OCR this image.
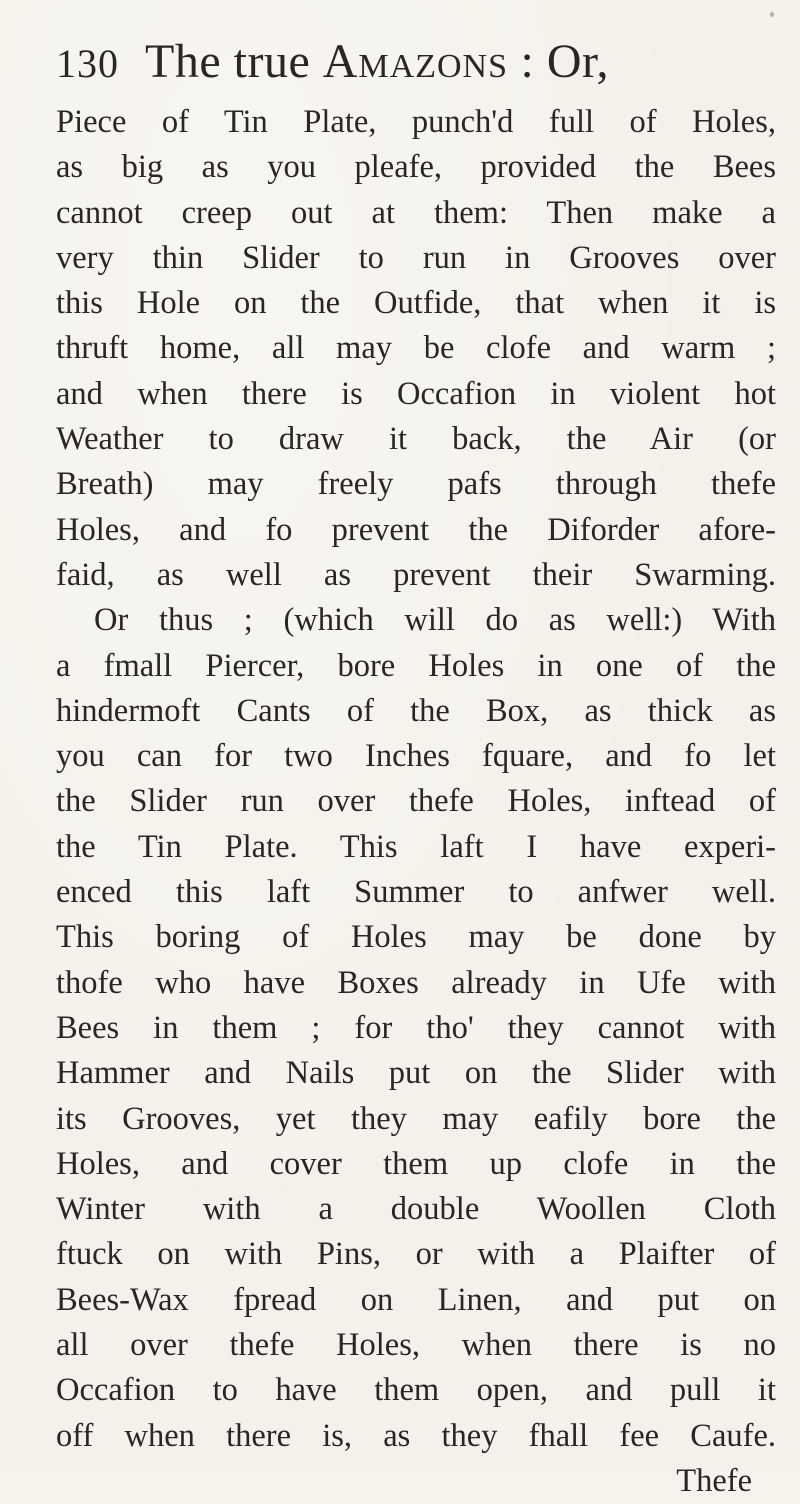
130 The true Amazons : Or,
Piece of Tin Plate, punch'd full of Holes,
as big as you pleafe, provided the Bees
cannot creep out at them: Then make a
very thin Slider to run in Grooves over
this Hole on the Outfide, that when it is
thruft home, all may be clofe and warm ;
and when there is Occafion in violent hot
Weather to draw it back, the Air (or
Breath) may freely pafs through thefe
Holes, and fo prevent the Diforder afore-
faid, as well as prevent their Swarming.
Or thus ; (which will do as well:) With
a fmall Piercer, bore Holes in one of the
hindermoft Cants of the Box, as thick as
you can for two Inches fquare, and fo let
the Slider run over thefe Holes, inftead of
the Tin Plate. This laft I have experi-
enced this laft Summer to anfwer well.
This boring of Holes may be done by
thofe who have Boxes already in Ufe with
Bees in them ; for tho' they cannot with
Hammer and Nails put on the Slider with
its Grooves, yet they may eafily bore the
Holes, and cover them up clofe in the
Winter with a double Woollen Cloth
ftuck on with Pins, or with a Plaifter of
Bees-Wax fpread on Linen, and put on
all over thefe Holes, when there is no
Occafion to have them open, and pull it
off when there is, as they fhall fee Caufe.
Thefe
